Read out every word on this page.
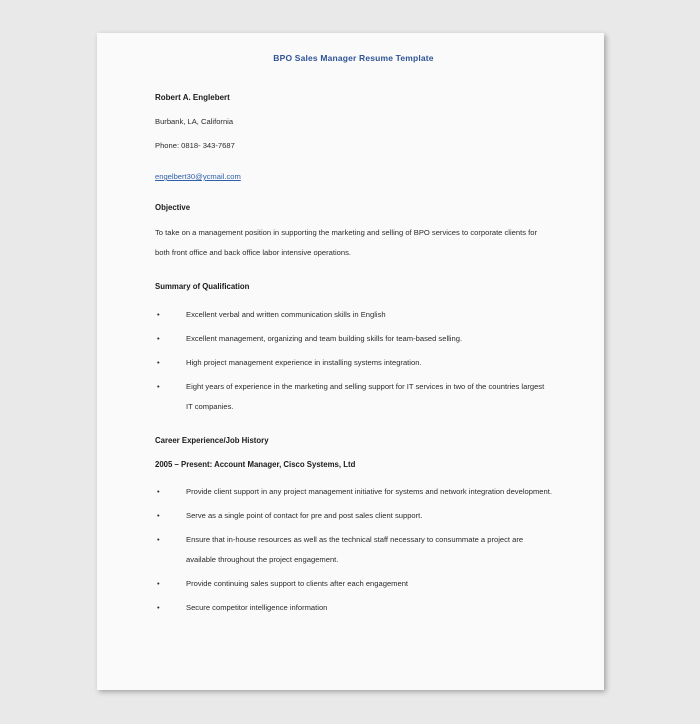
BPO Sales Manager Resume Template
Robert A. Englebert
Burbank, LA, California
Phone: 0818- 343-7687
engelbert30@ycmail.com
Objective
To take on a management position in supporting the marketing and selling of BPO services to corporate clients for both front office and back office labor intensive operations.
Summary of Qualification
•	Excellent verbal and written communication skills in English
•	Excellent management, organizing and team building skills for team-based selling.
•	High project management experience in installing systems integration.
•	Eight years of experience in the marketing and selling support for IT services in two of the countries largest IT companies.
Career Experience/Job History
2005 – Present: Account Manager, Cisco Systems, Ltd
•	Provide client support in any project management initiative for systems and network integration development.
•	Serve as a single point of contact for pre and post sales client support.
•	Ensure that in-house resources as well as the technical staff necessary to consummate a project are available throughout the project engagement.
•	Provide continuing sales support to clients after each engagement
•	Secure competitor intelligence information
